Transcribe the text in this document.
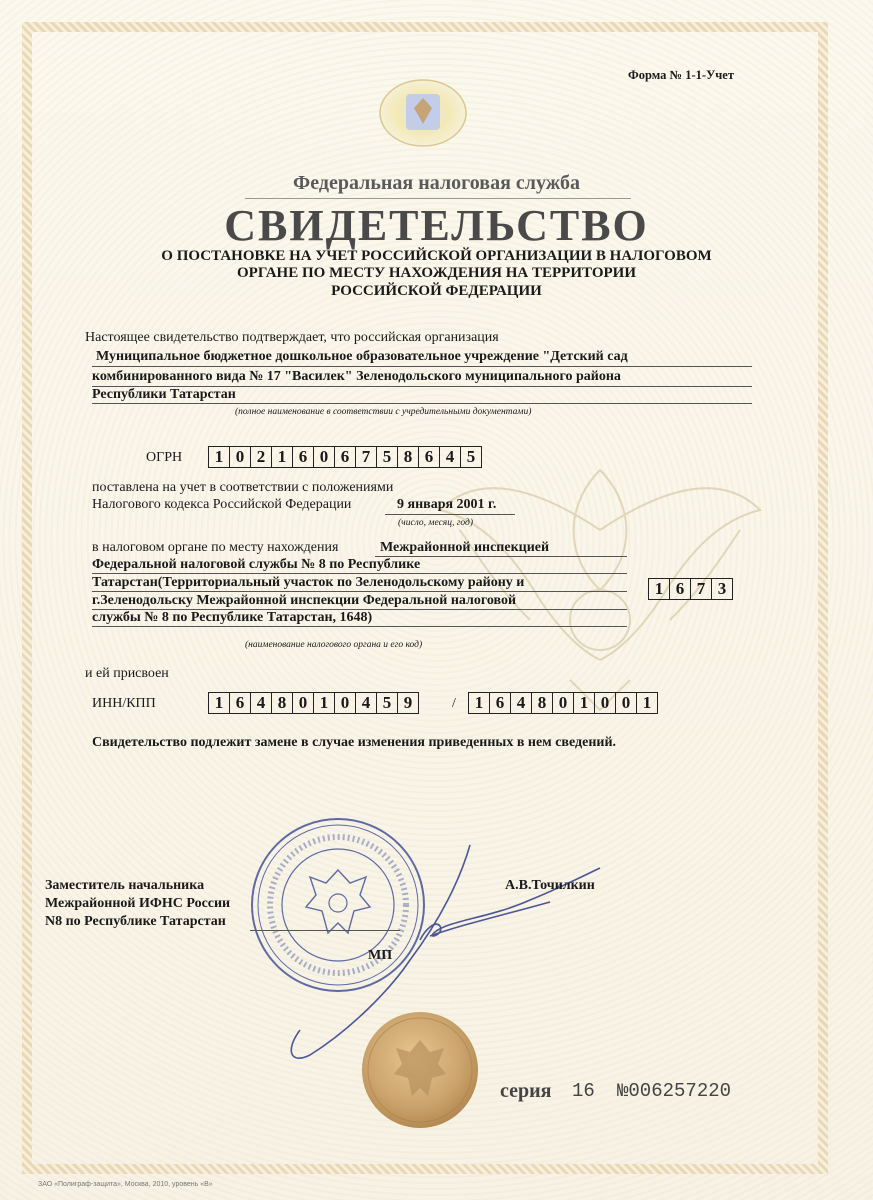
Форма № 1-1-Учет
Федеральная налоговая служба
СВИДЕТЕЛЬСТВО
О ПОСТАНОВКЕ НА УЧЕТ РОССИЙСКОЙ ОРГАНИЗАЦИИ В НАЛОГОВОМ
ОРГАНЕ ПО МЕСТУ НАХОЖДЕНИЯ НА ТЕРРИТОРИИ
РОССИЙСКОЙ ФЕДЕРАЦИИ
Настоящее свидетельство подтверждает, что российская организация
Муниципальное бюджетное дошкольное образовательное учреждение "Детский сад
комбинированного вида № 17 "Василек" Зеленодольского муниципального района
Республики Татарстан
(полное наименование в соответствии с учредительными документами)
ОГРН	1 0 2 1 6 0 6 7 5 8 6 4 5
поставлена на учет в соответствии с положениями
Налогового кодекса Российской Федерации	9 января 2001 г.
(число, месяц, год)
в налоговом органе по месту нахождения	Межрайонной инспекцией
Федеральной налоговой службы № 8 по Республике
Татарстан(Территориальный участок по Зеленодольскому району и
г.Зеленодольску Межрайонной инспекции Федеральной налоговой
службы № 8 по Республике Татарстан, 1648)
1 6 7 3
(наименование налогового органа и его код)
и ей присвоен
ИНН/КПП	1 6 4 8 0 1 0 4 5 9	/	1 6 4 8 0 1 0 0 1
Свидетельство подлежит замене в случае изменения приведенных в нем сведений.
Заместитель начальника
Межрайонной ИФНС России
N8 по Республике Татарстан
А.В.Точилкин
МП
серия 16 №006257220
ЗАО «Полиграф-защита», Москва, 2010, уровень «В»
